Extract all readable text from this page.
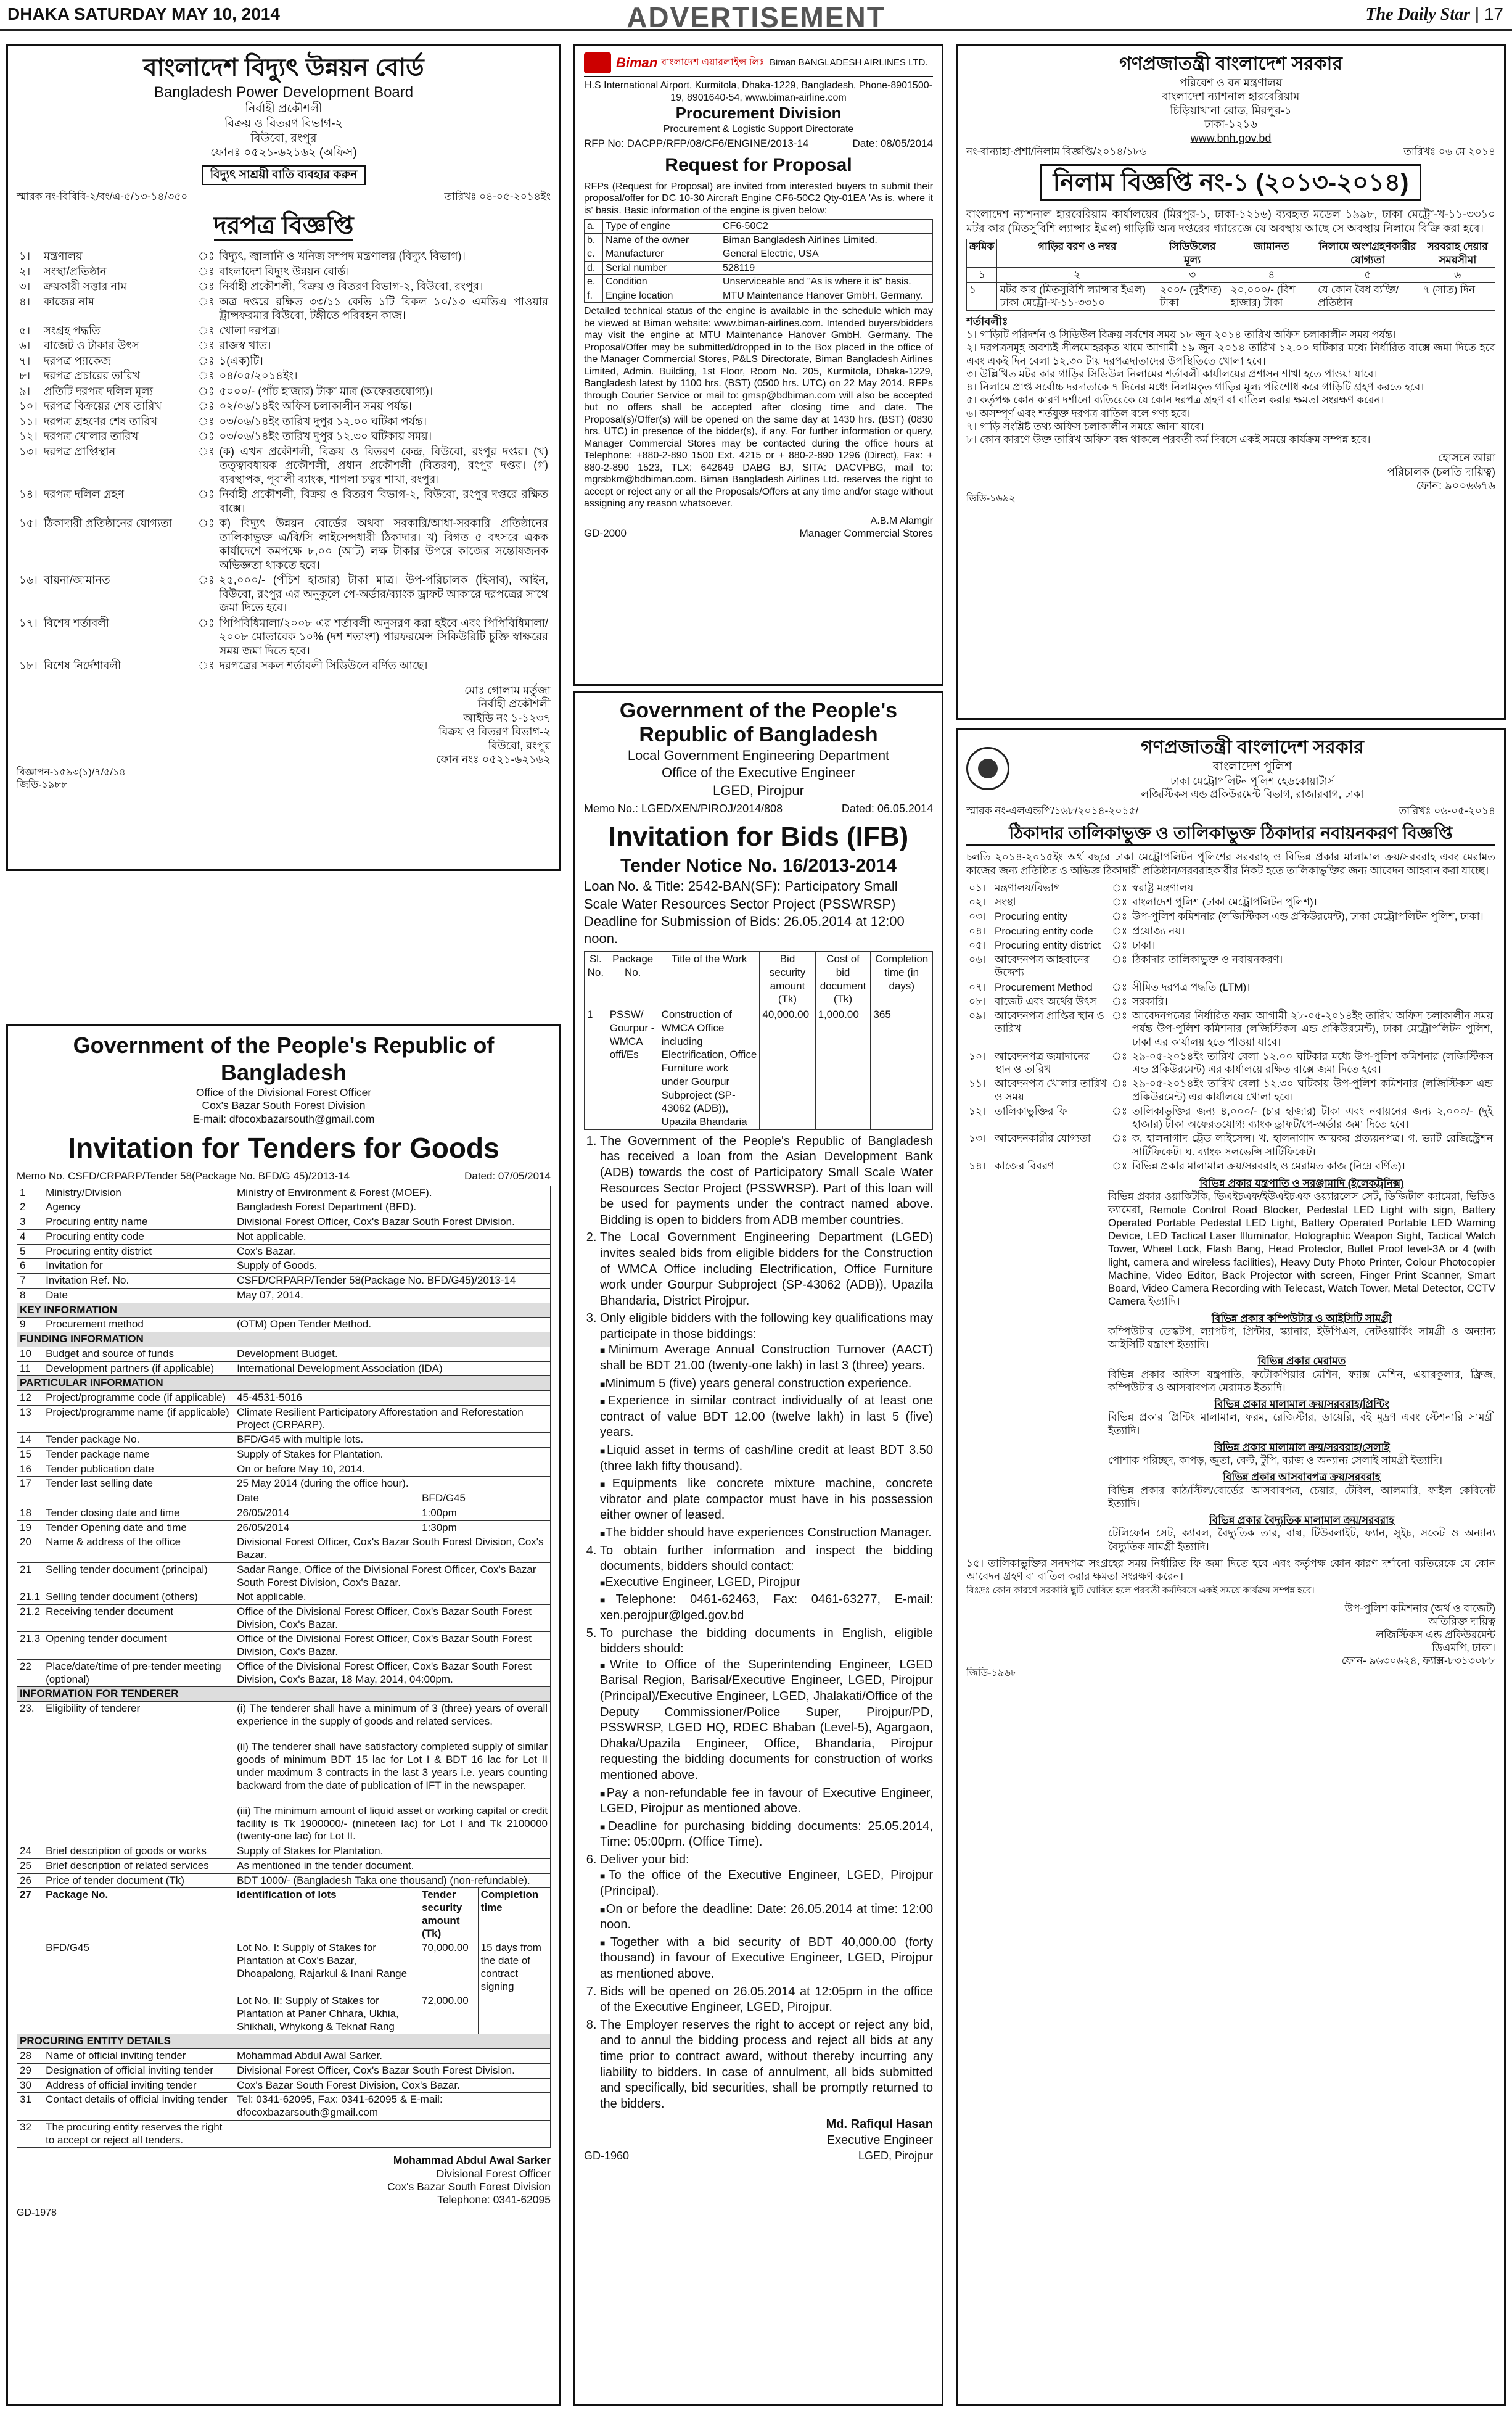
DHAKA SATURDAY MAY 10, 2014	ADVERTISEMENT	The Daily Star | 17
বাংলাদেশ বিদ্যুৎ উন্নয়ন বোর্ড
Bangladesh Power Development Board
নির্বাহী প্রকৌশলী
বিক্রয় ও বিতরণ বিভাগ-২
বিউবো, রংপুর
ফোনঃ ০৫২১-৬২১৬২ (অফিস)
বিদ্যুৎ সাশ্রয়ী বাতি ব্যবহার করুন
স্মারক নং-বিবিবি-২/বং/এ-৫/১৩-১৪/৩৫০	তারিখঃ ০৪-০৫-২০১৪ইং
দরপত্র বিজ্ঞপ্তি
১।	মন্ত্রণালয়	ঃ	বিদ্যুৎ, জ্বালানি ও খনিজ সম্পদ মন্ত্রণালয় (বিদ্যুৎ বিভাগ)।
২।	সংস্থা/প্রতিষ্ঠান	ঃ	বাংলাদেশ বিদ্যুৎ উন্নয়ন বোর্ড।
৩।	ক্রয়কারী সত্তার নাম	ঃ	নির্বাহী প্রকৌশলী, বিক্রয় ও বিতরণ বিভাগ-২, বিউবো, রংপুর।
৪।	কাজের নাম	ঃ	অত্র দপ্তরে রক্ষিত ৩৩/১১ কেভি ১টি বিকল ১০/১৩ এমভিএ পাওয়ার ট্রান্সফরমার বিউবো, টঙ্গীতে পরিবহন কাজ।
৫।	সংগ্রহ পদ্ধতি	ঃ	খোলা দরপত্র।
৬।	বাজেট ও টাকার উৎস	ঃ	রাজস্ব খাত।
৭।	দরপত্র প্যাকেজ	ঃ	১(এক)টি।
৮।	দরপত্র প্রচারের তারিখ	ঃ	০৪/০৫/২০১৪ইং।
৯।	প্রতিটি দরপত্র দলিল মূল্য	ঃ	৫০০০/- (পাঁচ হাজার) টাকা মাত্র (অফেরতযোগ্য)।
১০।	দরপত্র বিক্রয়ের শেষ তারিখ	ঃ	০২/০৬/১৪ইং অফিস চলাকালীন সময় পর্যন্ত।
১১।	দরপত্র গ্রহণের শেষ তারিখ	ঃ	০৩/০৬/১৪ইং তারিখ দুপুর ১২.০০ ঘটিকা পর্যন্ত।
১২।	দরপত্র খোলার তারিখ	ঃ	০৩/০৬/১৪ইং তারিখ দুপুর ১২.৩০ ঘটিকায় সময়।
১৩।	দরপত্র প্রাপ্তিস্থান	ঃ	(ক) এখন প্রকৌশলী, বিক্রয় ও বিতরণ কেন্দ্র, বিউবো, রংপুর দপ্তর। (খ) তত্ত্বাবধায়ক প্রকৌশলী, প্রধান প্রকৌশলী (বিতরণ), রংপুর দপ্তর। (গ) ব্যবস্থাপক, পূবালী ব্যাংক, শাপলা চত্বর শাখা, রংপুর।
১৪।	দরপত্র দলিল গ্রহণ	ঃ	নির্বাহী প্রকৌশলী, বিক্রয় ও বিতরণ বিভাগ-২, বিউবো, রংপুর দপ্তরে রক্ষিত বাক্সে।
১৫।	ঠিকাদারী প্রতিষ্ঠানের যোগ্যতা	ঃ	ক) বিদ্যুৎ উন্নয়ন বোর্ডের অথবা সরকারি/আধা-সরকারি প্রতিষ্ঠানের তালিকাভুক্ত এ/বি/সি লাইসেন্সধারী ঠিকাদার। খ) বিগত ৫ বৎসরে একক কার্যাদেশে কমপক্ষে ৮,০০ (আট) লক্ষ টাকার উপরে কাজের সন্তোষজনক অভিজ্ঞতা থাকতে হবে।
১৬।	বায়না/জামানত	ঃ	২৫,০০০/- (পঁচিশ হাজার) টাকা মাত্র। উপ-পরিচালক (হিসাব), আইন, বিউবো, রংপুর এর অনুকূলে পে-অর্ডার/ব্যাংক ড্রাফট আকারে দরপত্রের সাথে জমা দিতে হবে।
১৭।	বিশেষ শর্তাবলী	ঃ	পিপিবিধিমালা/২০০৮ এর শর্তাবলী অনুসরণ করা হইবে এবং পিপিবিধিমালা/২০০৮ মোতাবেক ১০% (দশ শতাংশ) পারফরমেন্স সিকিউরিটি চুক্তি স্বাক্ষরের সময় জমা দিতে হবে।
১৮।	বিশেষ নির্দেশাবলী	ঃ	দরপত্রের সকল শর্তাবলী সিডিউলে বর্ণিত আছে।
মোঃ গোলাম মর্তুজা
নির্বাহী প্রকৌশলী
আইডি নং ১-১২৩৭
বিক্রয় ও বিতরণ বিভাগ-২
বিউবো, রংপুর
ফোন নংঃ ০৫২১-৬২১৬২
বিজ্ঞাপন-১৫৯৩(১)/৭/৫/১৪
জিডি-১৯৮৮
Biman বাংলাদেশ এয়ারলাইন্স লিঃ Biman BANGLADESH AIRLINES LTD.
H.S International Airport, Kurmitola, Dhaka-1229, Bangladesh, Phone-8901500-19, 8901640-54, www.biman-airline.com
Procurement Division
Procurement & Logistic Support Directorate
RFP No: DACPP/RFP/08/CF6/ENGINE/2013-14	Date: 08/05/2014
Request for Proposal
RFPs (Request for Proposal) are invited from interested buyers to submit their proposal/offer for DC 10-30 Aircraft Engine CF6-50C2 Qty-01EA 'As is, where it is' basis. Basic information of the engine is given below:
a.	Type of engine	CF6-50C2
b.	Name of the owner	Biman Bangladesh Airlines Limited.
c.	Manufacturer	General Electric, USA
d.	Serial number	528119
e.	Condition	Unserviceable and "As is where it is" basis.
f.	Engine location	MTU Maintenance Hanover GmbH, Germany.
Detailed technical status of the engine is available in the schedule which may be viewed at Biman website: www.biman-airlines.com. Intended buyers/bidders may visit the engine at MTU Maintenance Hanover GmbH, Germany. The Proposal/Offer may be submitted/dropped in to the Box placed in the office of the Manager Commercial Stores, P&LS Directorate, Biman Bangladesh Airlines Limited, Admin. Building, 1st Floor, Room No. 205, Kurmitola, Dhaka-1229, Bangladesh latest by 1100 hrs. (BST) (0500 hrs. UTC) on 22 May 2014. RFPs through Courier Service or mail to: gmsp@bdbiman.com will also be accepted but no offers shall be accepted after closing time and date. The Proposal(s)/Offer(s) will be opened on the same day at 1430 hrs. (BST) (0830 hrs. UTC) in presence of the bidder(s), if any. For further information or query, Manager Commercial Stores may be contacted during the office hours at Telephone: +880-2-890 1500 Ext. 4215 or + 880-2-890 1296 (Direct), Fax: + 880-2-890 1523, TLX: 642649 DABG BJ, SITA: DACVPBG, mail to: mgrsbkm@bdbiman.com. Biman Bangladesh Airlines Ltd. reserves the right to accept or reject any or all the Proposals/Offers at any time and/or stage without assigning any reason whatsoever.
A.B.M Alamgir
GD-2000	Manager Commercial Stores
গণপ্রজাতন্ত্রী বাংলাদেশ সরকার
পরিবেশ ও বন মন্ত্রণালয়
বাংলাদেশ ন্যাশনাল হারবেরিয়াম
চিড়িয়াখানা রোড, মিরপুর-১
ঢাকা-১২১৬
www.bnh.gov.bd
নং-বান্যাহা-প্রশা/নিলাম বিজ্ঞপ্তি/২০১৪/১৮৬	তারিখঃ ০৬ মে ২০১৪
নিলাম বিজ্ঞপ্তি নং-১ (২০১৩-২০১৪)
বাংলাদেশ ন্যাশনাল হারবেরিয়াম কার্যালয়ের (মিরপুর-১, ঢাকা-১২১৬) ব্যবহৃত মডেল ১৯৯৮, ঢাকা মেট্রো-খ-১১-৩৩১০ মটর কার (মিতসুবিশি ল্যান্সার ইএল) গাড়িটি অত্র দপ্তরের গ্যারেজে যে অবস্থায় আছে সে অবস্থায় নিলামে বিক্রি করা হবে।
ক্রমিক	গাড়ির বরণ ও নম্বর	সিডিউলের মূল্য	জামানত	নিলামে অংশগ্রহণকারীর যোগ্যতা	সরবরাহ দেয়ার সময়সীমা
১	২	৩	৪	৫	৬
১	মটর কার (মিতসুবিশি ল্যান্সার ইএল) ঢাকা মেট্রো-খ-১১-৩৩১০	২০০/- (দুইশত) টাকা	২০,০০০/- (বিশ হাজার) টাকা	যে কোন বৈধ ব্যক্তি/প্রতিষ্ঠান	৭ (সাত) দিন
শর্তাবলীঃ
১। গাড়িটি পরিদর্শন ও সিডিউল বিক্রয় সর্বশেষ সময় ১৮ জুন ২০১৪ তারিখ অফিস চলাকালীন সময় পর্যন্ত।
২। দরপত্রসমূহ অবশ্যই সীলমোহরকৃত খামে আগামী ১৯ জুন ২০১৪ তারিখ ১২.০০ ঘটিকার মধ্যে নির্ধারিত বাক্সে জমা দিতে হবে এবং একই দিন বেলা ১২.৩০ টায় দরপত্রদাতাদের উপস্থিতিতে খোলা হবে।
৩। উল্লিখিত মটর কার গাড়ির সিডিউল নিলামের শর্তাবলী কার্যালয়ের প্রশাসন শাখা হতে পাওয়া যাবে।
৪। নিলামে প্রাপ্ত সর্বোচ্চ দরদাতাকে ৭ দিনের মধ্যে নিলামকৃত গাড়ির মূল্য পরিশোধ করে গাড়িটি গ্রহণ করতে হবে।
৫। কর্তৃপক্ষ কোন কারণ দর্শানো ব্যতিরেকে যে কোন দরপত্র গ্রহণ বা বাতিল করার ক্ষমতা সংরক্ষণ করেন।
৬। অসম্পূর্ণ এবং শর্তযুক্ত দরপত্র বাতিল বলে গণ্য হবে।
৭। গাড়ি সংশ্লিষ্ট তথ্য অফিস চলাকালীন সময়ে জানা যাবে।
৮। কোন কারণে উক্ত তারিখ অফিস বন্ধ থাকলে পরবর্তী কর্ম দিবসে একই সময়ে কার্যক্রম সম্পন্ন হবে।
হোসনে আরা
পরিচালক (চলতি দায়িত্ব)
ফোন: ৯০০৬৬৭৬
ডিডি-১৬৯২
Government of the People's Republic of Bangladesh
Office of the Divisional Forest Officer
Cox's Bazar South Forest Division
E-mail: dfocoxbazarsouth@gmail.com
Invitation for Tenders for Goods
Memo No. CSFD/CRPARP/Tender 58(Package No. BFD/G 45)/2013-14	Dated: 07/05/2014
1	Ministry/Division	Ministry of Environment & Forest (MOEF).		
2	Agency	Bangladesh Forest Department (BFD).		
3	Procuring entity name	Divisional Forest Officer, Cox's Bazar South Forest Division.		
4	Procuring entity code	Not applicable.		
5	Procuring entity district	Cox's Bazar.		
6	Invitation for	Supply of Goods.		
7	Invitation Ref. No.	CSFD/CRPARP/Tender 58(Package No. BFD/G45)/2013-14		
8	Date	May 07, 2014.		
KEY INFORMATION				
9	Procurement method	(OTM) Open Tender Method.		
FUNDING INFORMATION				
10	Budget and source of funds	Development Budget.		
11	Development partners (if applicable)	International Development Association (IDA)		
PARTICULAR INFORMATION				
12	Project/programme code (if applicable)	45-4531-5016		
13	Project/programme name (if applicable)	Climate Resilient Participatory Afforestation and Reforestation Project (CRPARP).		
14	Tender package No.	BFD/G45 with multiple lots.		
15	Tender package name	Supply of Stakes for Plantation.		
16	Tender publication date	On or before May 10, 2014.		
17	Tender last selling date	25 May 2014 (during the office hour).		
		Date	BFD/G45	
18	Tender closing date and time	26/05/2014	1:00pm	
19	Tender Opening date and time	26/05/2014	1:30pm	
20	Name & address of the office	Divisional Forest Officer, Cox's Bazar South Forest Division, Cox's Bazar.		
21	Selling tender document (principal)	Sadar Range, Office of the Divisional Forest Officer, Cox's Bazar South Forest Division, Cox's Bazar.		
21.1	Selling tender document (others)	Not applicable.		
21.2	Receiving tender document	Office of the Divisional Forest Officer, Cox's Bazar South Forest Division, Cox's Bazar.		
21.3	Opening tender document	Office of the Divisional Forest Officer, Cox's Bazar South Forest Division, Cox's Bazar.		
22	Place/date/time of pre-tender meeting (optional)	Office of the Divisional Forest Officer, Cox's Bazar South Forest Division, Cox's Bazar, 18 May, 2014, 04:00pm.		
INFORMATION FOR TENDERER				
23.	Eligibility of tenderer	(i) The tenderer shall have a minimum of 3 (three) years of overall experience in the supply of goods and related services.

(ii) The tenderer shall have satisfactory completed supply of similar goods of minimum BDT 15 lac for Lot I & BDT 16 lac for Lot II under maximum 3 contracts in the last 3 years i.e. years counting backward from the date of publication of IFT in the newspaper.

(iii) The minimum amount of liquid asset or working capital or credit facility is Tk 1900000/- (nineteen lac) for Lot I and Tk 2100000 (twenty-one lac) for Lot II.		
24	Brief description of goods or works	Supply of Stakes for Plantation.		
25	Brief description of related services	As mentioned in the tender document.		
26	Price of tender document (Tk)	BDT 1000/- (Bangladesh Taka one thousand) (non-refundable).		
27	Package No.	Identification of lots	Tender security amount (Tk)	Completion time
	BFD/G45	Lot No. I: Supply of Stakes for Plantation at Cox's Bazar, Dhoapalong, Rajarkul & Inani Range	70,000.00	15 days from the date of contract signing
		Lot No. II: Supply of Stakes for Plantation at Paner Chhara, Ukhia, Shikhali, Whykong & Teknaf Rang	72,000.00	
PROCURING ENTITY DETAILS				
28	Name of official inviting tender	Mohammad Abdul Awal Sarker.		
29	Designation of official inviting tender	Divisional Forest Officer, Cox's Bazar South Forest Division.		
30	Address of official inviting tender	Cox's Bazar South Forest Division, Cox's Bazar.		
31	Contact details of official inviting tender	Tel: 0341-62095, Fax: 0341-62095 & E-mail: dfocoxbazarsouth@gmail.com		
32	The procuring entity reserves the right to accept or reject all tenders.			
Mohammad Abdul Awal Sarker
Divisional Forest Officer
Cox's Bazar South Forest Division
Telephone: 0341-62095
GD-1978
Government of the People's Republic of Bangladesh
Local Government Engineering Department
Office of the Executive Engineer
LGED, Pirojpur
Memo No.: LGED/XEN/PIROJ/2014/808	Dated: 06.05.2014
Invitation for Bids (IFB)
Tender Notice No. 16/2013-2014
Loan No. & Title: 2542-BAN(SF): Participatory Small Scale Water Resources Sector Project (PSSWRSP)
Deadline for Submission of Bids: 26.05.2014 at 12:00 noon.
Sl. No.	Package No.	Title of the Work	Bid security amount (Tk)	Cost of bid document (Tk)	Completion time (in days)
1	PSSW/ Gourpur -WMCA offi/Es	Construction of WMCA Office including Electrification, Office Furniture work under Gourpur Subproject (SP-43062 (ADB)), Upazila Bhandaria	40,000.00	1,000.00	365
1. The Government of the People's Republic of Bangladesh has received a loan from the Asian Development Bank (ADB) towards the cost of Participatory Small Scale Water Resources Sector Project (PSSWRSP). Part of this loan will be used for payments under the contract named above. Bidding is open to bidders from ADB member countries.
2. The Local Government Engineering Department (LGED) invites sealed bids from eligible bidders for the Construction of WMCA Office including Electrification, Office Furniture work under Gourpur Subproject (SP-43062 (ADB)), Upazila Bhandaria, District Pirojpur.
3. Only eligible bidders with the following key qualifications may participate in those biddings:
■ Minimum Average Annual Construction Turnover (AACT) shall be BDT 21.00 (twenty-one lakh) in last 3 (three) years.
■ Minimum 5 (five) years general construction experience.
■ Experience in similar contract individually of at least one contract of value BDT 12.00 (twelve lakh) in last 5 (five) years.
■ Liquid asset in terms of cash/line credit at least BDT 3.50 (three lakh fifty thousand).
■ Equipments like concrete mixture machine, concrete vibrator and plate compactor must have in his possession either owner of leased.
■ The bidder should have experiences Construction Manager.
4. To obtain further information and inspect the bidding documents, bidders should contact:
■ Executive Engineer, LGED, Pirojpur
■ Telephone: 0461-62463, Fax: 0461-63277, E-mail: xen.perojpur@lged.gov.bd
5. To purchase the bidding documents in English, eligible bidders should:
■ Write to Office of the Superintending Engineer, LGED Barisal Region, Barisal/Executive Engineer, LGED, Pirojpur (Principal)/Executive Engineer, LGED, Jhalakati/Office of the Deputy Commissioner/Police Super, Pirojpur/PD, PSSWRSP, LGED HQ, RDEC Bhaban (Level-5), Agargaon, Dhaka/Upazila Engineer, Office, Bhandaria, Pirojpur requesting the bidding documents for construction of works mentioned above.
■ Pay a non-refundable fee in favour of Executive Engineer, LGED, Pirojpur as mentioned above.
■ Deadline for purchasing bidding documents: 25.05.2014, Time: 05:00pm. (Office Time).
6. Deliver your bid:
■ To the office of the Executive Engineer, LGED, Pirojpur (Principal).
■ On or before the deadline: Date: 26.05.2014 at time: 12:00 noon.
■ Together with a bid security of BDT 40,000.00 (forty thousand) in favour of Executive Engineer, LGED, Pirojpur as mentioned above.
7. Bids will be opened on 26.05.2014 at 12:05pm in the office of the Executive Engineer, LGED, Pirojpur.
8. The Employer reserves the right to accept or reject any bid, and to annul the bidding process and reject all bids at any time prior to contract award, without thereby incurring any liability to bidders. In case of annulment, all bids submitted and specifically, bid securities, shall be promptly returned to the bidders.
Md. Rafiqul Hasan
Executive Engineer
GD-1960	LGED, Pirojpur
গণপ্রজাতন্ত্রী বাংলাদেশ সরকার
বাংলাদেশ পুলিশ
ঢাকা মেট্রোপলিটন পুলিশ হেডকোয়ার্টার্স
লজিস্টিকস এন্ড প্রকিউরমেন্ট বিভাগ, রাজারবাগ, ঢাকা
স্মারক নং-এলএন্ডপি/১৬৮/২০১৪-২০১৫/	তারিখঃ ০৬-০৫-২০১৪
ঠিকাদার তালিকাভুক্ত ও তালিকাভুক্ত ঠিকাদার নবায়নকরণ বিজ্ঞপ্তি
চলতি ২০১৪-২০১৫ইং অর্থ বছরে ঢাকা মেট্রোপলিটন পুলিশের সরবরাহ ও বিভিন্ন প্রকার মালামাল ক্রয়/সরবরাহ এবং মেরামত কাজের জন্য প্রতিষ্ঠিত ও অভিজ্ঞ ঠিকাদারী প্রতিষ্ঠান/সরবরাহকারীর নিকট হতে তালিকাভুক্তির জন্য আবেদন আহবান করা যাচ্ছে।
০১।	মন্ত্রণালয়/বিভাগ	ঃ	স্বরাষ্ট্র মন্ত্রণালয়
০২।	সংস্থা	ঃ	বাংলাদেশ পুলিশ (ঢাকা মেট্রোপলিটন পুলিশ)।
০৩।	Procuring entity	ঃ	উপ-পুলিশ কমিশনার (লজিস্টিকস এন্ড প্রকিউরমেন্ট), ঢাকা মেট্রোপলিটন পুলিশ, ঢাকা।
০৪।	Procuring entity code	ঃ	প্রযোজ্য নয়।
০৫।	Procuring entity district	ঃ	ঢাকা।
০৬।	আবেদনপত্র আহবানের উদ্দেশ্য	ঃ	ঠিকাদার তালিকাভুক্ত ও নবায়নকরণ।
০৭।	Procurement Method	ঃ	সীমিত দরপত্র পদ্ধতি (LTM)।
০৮।	বাজেট এবং অর্থের উৎস	ঃ	সরকারি।
০৯।	আবেদনপত্র প্রাপ্তির স্থান ও তারিখ	ঃ	আবেদনপত্রের নির্ধারিত ফরম আগামী ২৮-০৫-২০১৪ইং তারিখ অফিস চলাকালীন সময় পর্যন্ত উপ-পুলিশ কমিশনার (লজিস্টিকস এন্ড প্রকিউরমেন্ট), ঢাকা মেট্রোপলিটন পুলিশ, ঢাকা এর কার্যালয় হতে পাওয়া যাবে।
১০।	আবেদনপত্র জমাদানের স্থান ও তারিখ	ঃ	২৯-০৫-২০১৪ইং তারিখ বেলা ১২.০০ ঘটিকার মধ্যে উপ-পুলিশ কমিশনার (লজিস্টিকস এন্ড প্রকিউরমেন্ট) এর কার্যালয়ে রক্ষিত বাক্সে জমা দিতে হবে।
১১।	আবেদনপত্র খোলার তারিখ ও সময়	ঃ	২৯-০৫-২০১৪ইং তারিখ বেলা ১২.৩০ ঘটিকায় উপ-পুলিশ কমিশনার (লজিস্টিকস এন্ড প্রকিউরমেন্ট) এর কার্যালয়ে খোলা হবে।
১২।	তালিকাভুক্তির ফি	ঃ	তালিকাভুক্তির জন্য ৪,০০০/- (চার হাজার) টাকা এবং নবায়নের জন্য ২,০০০/- (দুই হাজার) টাকা অফেরতযোগ্য ব্যাংক ড্রাফট/পে-অর্ডার জমা দিতে হবে।
১৩।	আবেদনকারীর যোগ্যতা	ঃ	ক. হালনাগাদ ট্রেড লাইসেন্স। খ. হালনাগাদ আয়কর প্রত্যয়নপত্র। গ. ভ্যাট রেজিস্ট্রেশন সার্টিফিকেট। ঘ. ব্যাংক সলভেন্সি সার্টিফিকেট।
১৪।	কাজের বিবরণ	ঃ	বিভিন্ন প্রকার মালামাল ক্রয়/সরবরাহ ও মেরামত কাজ (নিম্নে বর্ণিত)।
বিভিন্ন প্রকার যন্ত্রপাতি ও সরঞ্জামাদি (ইলেকট্রনিক্স)
বিভিন্ন প্রকার ওয়াকিটকি, ভিএইচএফ/ইউএইচএফ ওয়্যারলেস সেট, ডিজিটাল ক্যামেরা, ভিডিও ক্যামেরা, Remote Control Road Blocker, Pedestal LED Light with sign, Battery Operated Portable Pedestal LED Light, Battery Operated Portable LED Warning Device, LED Tactical Laser Illuminator, Holographic Weapon Sight, Tactical Watch Tower, Wheel Lock, Flash Bang, Head Protector, Bullet Proof level-3A or 4 (with light, camera and wireless facilities), Heavy Duty Photo Printer, Colour Photocopier Machine, Video Editor, Back Projector with screen, Finger Print Scanner, Smart Board, Video Camera Recording with Telecast, Watch Tower, Metal Detector, CCTV Camera ইত্যাদি।
বিভিন্ন প্রকার কম্পিউটার ও আইসিটি সামগ্রী
কম্পিউটার ডেস্কটপ, ল্যাপটপ, প্রিন্টার, স্ক্যানার, ইউপিএস, নেটওয়ার্কিং সামগ্রী ও অন্যান্য আইসিটি যন্ত্রাংশ ইত্যাদি।
বিভিন্ন প্রকার মেরামত
বিভিন্ন প্রকার অফিস যন্ত্রপাতি, ফটোকপিয়ার মেশিন, ফ্যাক্স মেশিন, এয়ারকুলার, ফ্রিজ, কম্পিউটার ও আসবাবপত্র মেরামত ইত্যাদি।
বিভিন্ন প্রকার মালামাল ক্রয়/সরবরাহ/প্রিন্টিং
বিভিন্ন প্রকার প্রিন্টিং মালামাল, ফরম, রেজিস্টার, ডায়েরি, বই মুদ্রণ এবং স্টেশনারি সামগ্রী ইত্যাদি।
বিভিন্ন প্রকার মালামাল ক্রয়/সরবরাহ/সেলাই
পোশাক পরিচ্ছদ, কাপড়, জুতা, বেল্ট, টুপি, ব্যাজ ও অন্যান্য সেলাই সামগ্রী ইত্যাদি।
বিভিন্ন প্রকার আসবাবপত্র ক্রয়/সরবরাহ
বিভিন্ন প্রকার কাঠ/স্টিল/বোর্ডের আসবাবপত্র, চেয়ার, টেবিল, আলমারি, ফাইল কেবিনেট ইত্যাদি।
বিভিন্ন প্রকার বৈদ্যুতিক মালামাল ক্রয়/সরবরাহ
টেলিফোন সেট, ক্যাবল, বৈদ্যুতিক তার, বাল্ব, টিউবলাইট, ফ্যান, সুইচ, সকেট ও অন্যান্য বৈদ্যুতিক সামগ্রী ইত্যাদি।
১৫। তালিকাভুক্তির সনদপত্র সংগ্রহের সময় নির্ধারিত ফি জমা দিতে হবে এবং কর্তৃপক্ষ কোন কারণ দর্শানো ব্যতিরেকে যে কোন আবেদন গ্রহণ বা বাতিল করার ক্ষমতা সংরক্ষণ করেন।
বিঃদ্রঃ কোন কারণে সরকারি ছুটি ঘোষিত হলে পরবর্তী কর্মদিবসে একই সময়ে কার্যক্রম সম্পন্ন হবে।
উপ-পুলিশ কমিশনার (অর্থ ও বাজেট)
অতিরিক্ত দায়িত্ব
লজিস্টিকস এন্ড প্রকিউরমেন্ট
ডিএমপি, ঢাকা।
ফোন- ৯৬৩০৬২৪, ফ্যাক্স-৮৩১৩০৮৮
জিডি-১৯৬৮
